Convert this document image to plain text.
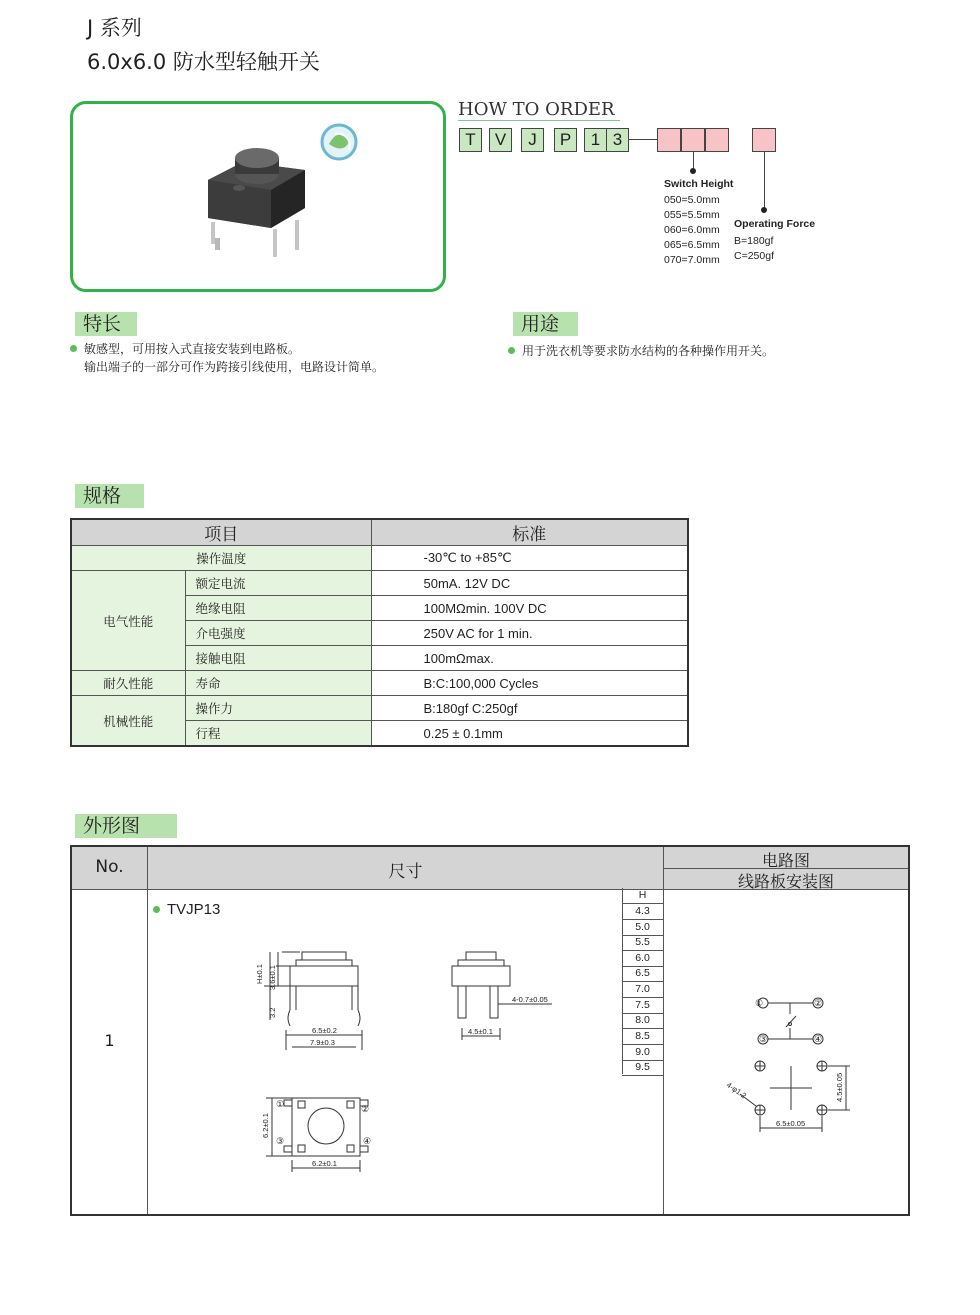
J 系列
6.0x6.0 防水型轻触开关
HOW TO ORDER
T	V	J	P	1 3
Switch Height
050=5.0mm
055=5.5mm
060=6.0mm
065=6.5mm
070=7.0mm
Operating Force
B=180gf
C=250gf
特长
敏感型，可用按入式直接安装到电路板。
输出端子的一部分可作为跨接引线使用，电路设计简单。
用途
用于洗衣机等要求防水结构的各种操作用开关。
规格
项目		标准
操作温度		-30℃ to +85℃
电气性能	额定电流	50mA. 12V DC
	绝缘电阻	100MΩmin. 100V DC
	介电强度	250V AC for 1 min.
	接触电阻	100mΩmax.
耐久性能	寿命	B:C:100,000 Cycles
机械性能	操作力	B:180gf C:250gf
	行程	0.25 ± 0.1mm
外形图
No.	尺寸
电路图
线路板安装图
1
TVJP13
H
4.3
5.0
5.5
6.0
6.5
7.0
7.5
8.0
8.5
9.0
9.5
H±0.1 3.6±0.1
3.2
6.5±0.2
7.9±0.3
4-0.7±0.05
4.5±0.1
6.2±0.1
6.2±0.1
4-φ1.2	4.5±0.05
6.5±0.05
①	②
③	④
①	②
③	④
